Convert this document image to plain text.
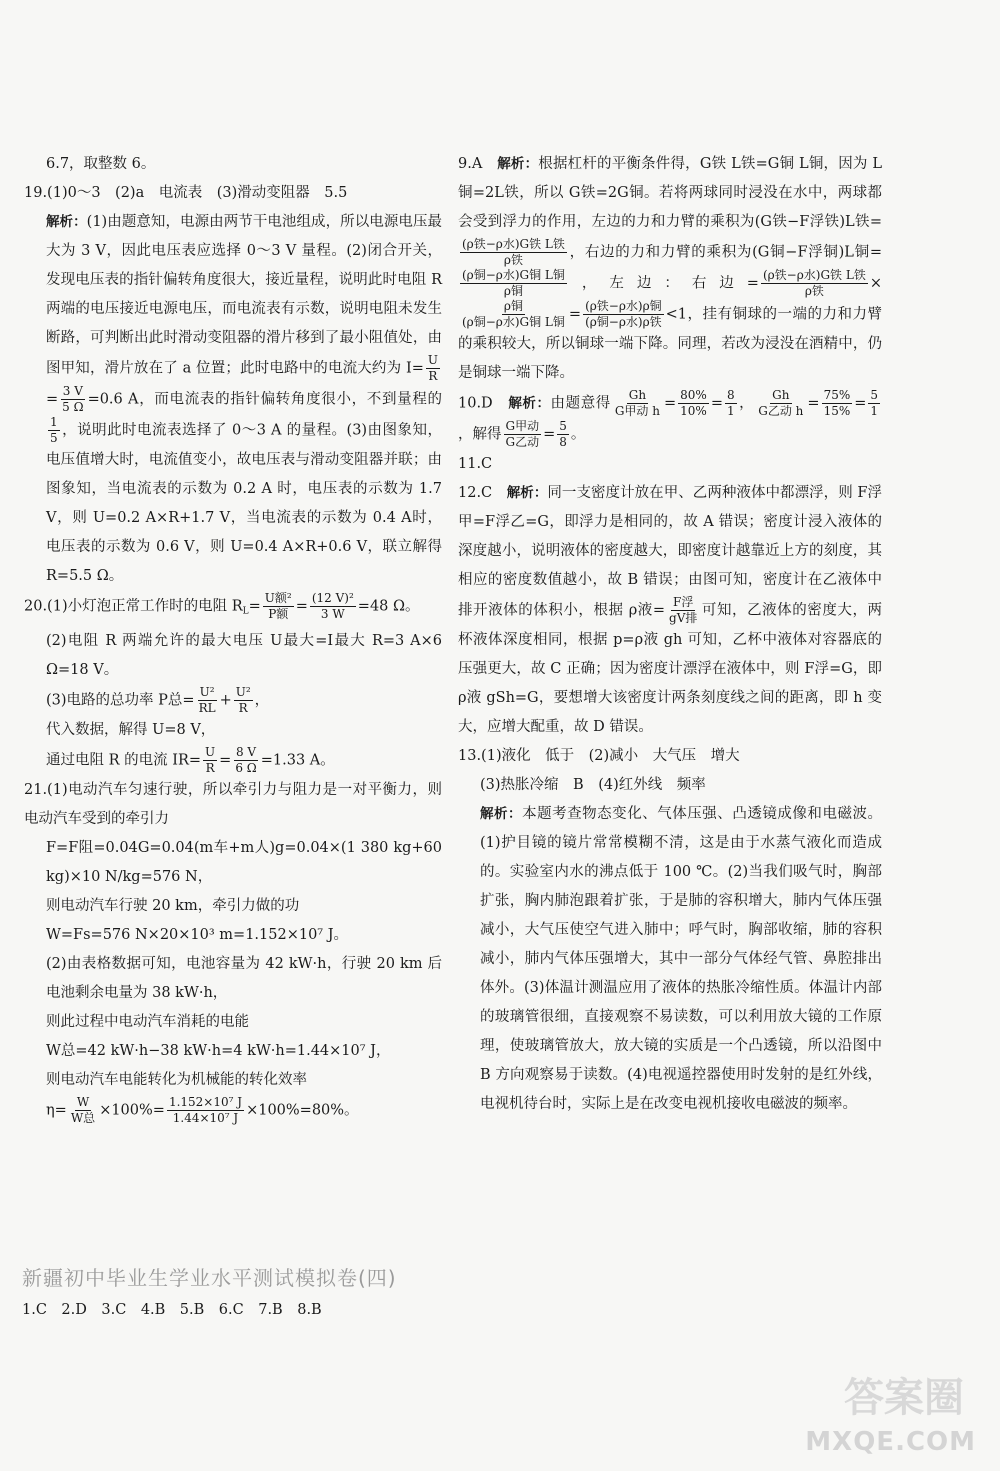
6.7，取整数 6。

19.(1)0～3　(2)a　电流表　(3)滑动变阻器　5.5

解析：(1)由题意知，电源由两节干电池组成，所以电源电压最大为 3 V，因此电压表应选择 0～3 V 量程。(2)闭合开关，发现电压表的指针偏转角度很大，接近量程，说明此时电阻 R 两端的电压接近电源电压，而电流表有示数，说明电阻未发生断路，可判断出此时滑动变阻器的滑片移到了最小阻值处，由图甲知，滑片放在了 a 位置；此时电路中的电流大约为 $I= \frac{U}{R}$
= $\frac{3 V}{5 \Omega} =0.6$ A，而电流表的指针偏转角度很小，不到量程的
$\frac{1}{5}$ ，说明此时电流表选择了 0～3 A 的量程。(3)由图象知，电压值增大时，电流值变小，故电压表与滑动变阻器并联；由图象知，当电流表的示数为 0.2 A 时，电压表的示数为 1.7 V，则 U=0.2 A×R+1.7 V，当电流表的示数为 0.4 A时，电压表的示数为 0.6 V，则 U=0.4 A×R+0.6 V，联立解得 R=5.5 Ω。

20.(1)小灯泡正常工作时的电阻 $R_L= \frac{\text{U额²}}{\text{P额}} = \frac{\text{(12 V)²}}{3 W} =48$ Ω。

(2)电阻 R 两端允许的最大电压 U最大=I最大 R=3 A×6 Ω=18 V。

(3)电路的总功率 P总= $\frac{\text{U²}}{RL} + \frac{\text{U²}}{R}$ ，

代入数据，解得 U=8 V，

通过电阻 R 的电流 $IR= \frac{U}{R} = \frac{8 V}{6 \Omega} =1.33$ A。

21.(1)电动汽车匀速行驶，所以牵引力与阻力是一对平衡力，则电动汽车受到的牵引力

F=F阻=0.04G=0.04(m车+m人)g=0.04×(1 380 kg+60 kg)×10 N/kg=576 N，

则电动汽车行驶 20 km，牵引力做的功

W=Fs=576 N×20×10³ m=1.152×10⁷ J。

(2)由表格数据可知，电池容量为 42 kW·h，行驶 20 km 后电池剩余电量为 38 kW·h，

则此过程中电动汽车消耗的电能

W总=42 kW·h−38 kW·h=4 kW·h=1.44×10⁷ J，

则电动汽车电能转化为机械能的转化效率

$\eta= \frac{W}{\text{W总}} \times 100\%= \frac{\text{1.152×10⁷ J}}{\text{1.44×10⁷ J}} \times 100\%=80\%$。

新疆初中毕业生学业水平测试模拟卷(四)
1.C　2.D　3.C　4.B　5.B　6.C　7.B　8.B

9.A　解析：根据杠杆的平衡条件得，G铁 L铁=G铜 L铜，因为 L铜=2L铁，所以 G铁=2G铜。若将两球同时浸没在水中，两球都会受到浮力的作用，左边的力和力臂的乘积为(G铁−F浮铁)L铁=
$\frac{\text{(ρ铁−ρ水)G铁 L铁}}{\text{ρ铁}}$ ，右边的力和力臂的乘积为(G铜−F浮铜)L铜=
$\frac{\text{(ρ铜−ρ水)G铜 L铜}}{\text{ρ铜}}$ ，左边：右边= $\frac{\text{(ρ铁−ρ水)G铁 L铁}}{\text{ρ铁}}$ ×
$\frac{\text{ρ铜}}{\text{(ρ铜−ρ水)G铜 L铜}} = \frac{\text{(ρ铁−ρ水)ρ铜}}{\text{(ρ铜−ρ水)ρ铁}} <1$，挂有铜球的一端的力和力臂的乘积较大，所以铜球一端下降。同理，若改为浸没在酒精中，仍是铜球一端下降。

10.D　解析：由题意得 $\frac{Gh}{\text{G甲动 h}} = \frac{80\%}{10\%} = \frac{8}{1}$ ， $\frac{Gh}{\text{G乙动 h}} = \frac{75\%}{15\%} = \frac{5}{1}$
，解得 $\frac{\text{G甲动}}{\text{G乙动}} = \frac{5}{8}$ 。

11.C

12.C　解析：同一支密度计放在甲、乙两种液体中都漂浮，则 F浮甲=F浮乙=G，即浮力是相同的，故 A 错误；密度计浸入液体的深度越小，说明液体的密度越大，即密度计越靠近上方的刻度，其相应的密度数值越小，故 B 错误；由图可知，密度计在乙液体中排开液体的体积小，根据 ρ液= $\frac{\text{F浮}}{\text{gV排}}$ 可知，乙液体的密度大，两杯液体深度相同，根据 p=ρ液 gh 可知，乙杯中液体对容器底的压强更大，故 C 正确；因为密度计漂浮在液体中，则 F浮=G，即 ρ液 gSh=G，要想增大该密度计两条刻度线之间的距离，即 h 变大，应增大配重，故 D 错误。

13.(1)液化　低于　(2)减小　大气压　增大

(3)热胀冷缩　B　(4)红外线　频率

解析：本题考查物态变化、气体压强、凸透镜成像和电磁波。(1)护目镜的镜片常常模糊不清，这是由于水蒸气液化而造成的。实验室内水的沸点低于 100 ℃。(2)当我们吸气时，胸部扩张，胸内肺泡跟着扩张，于是肺的容积增大，肺内气体压强减小，大气压使空气进入肺中；呼气时，胸部收缩，肺的容积减小，肺内气体压强增大，其中一部分气体经气管、鼻腔排出体外。(3)体温计测温应用了液体的热胀冷缩性质。体温计内部的玻璃管很细，直接观察不易读数，可以利用放大镜的工作原理，使玻璃管放大，放大镜的实质是一个凸透镜，所以沿图中 B 方向观察易于读数。(4)电视遥控器使用时发射的是红外线，电视机待台时，实际上是在改变电视机接收电磁波的频率。

答案圈
MXQE.COM
